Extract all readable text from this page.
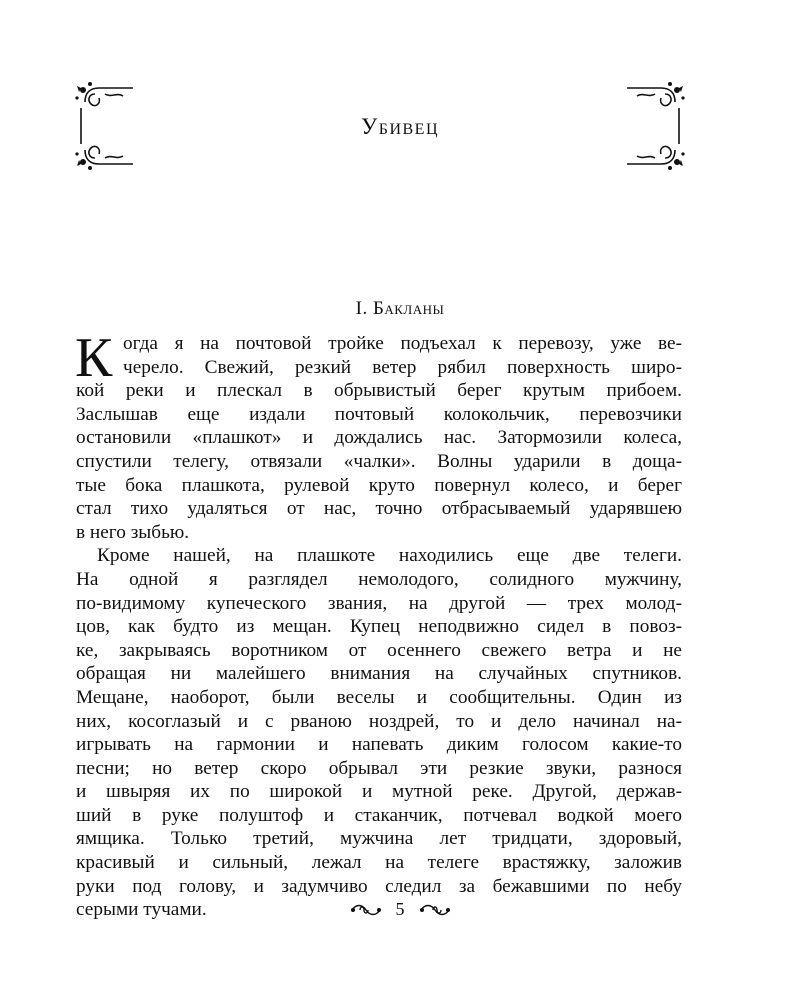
Убивец
I. Бакланы
К огда я на почтовой тройке подъехал к перевозу, уже ве-
черело. Свежий, резкий ветер рябил поверхность широ-
кой реки и плескал в обрывистый берег крутым прибоем.
Заслышав еще издали почтовый колокольчик, перевозчики
остановили «плашкот» и дождались нас. Затормозили колеса,
спустили телегу, отвязали «чалки». Волны ударили в доща-
тые бока плашкота, рулевой круто повернул колесо, и берег
стал тихо удаляться от нас, точно отбрасываемый ударявшею
в него зыбью.
Кроме нашей, на плашкоте находились еще две телеги.
На одной я разглядел немолодого, солидного мужчину,
по-видимому купеческого звания, на другой — трех молод-
цов, как будто из мещан. Купец неподвижно сидел в повоз-
ке, закрываясь воротником от осеннего свежего ветра и не
обращая ни малейшего внимания на случайных спутников.
Мещане, наоборот, были веселы и сообщительны. Один из
них, косоглазый и с рваною ноздрей, то и дело начинал на-
игрывать на гармонии и напевать диким голосом какие-то
песни; но ветер скоро обрывал эти резкие звуки, разнося
и швыряя их по широкой и мутной реке. Другой, держав-
ший в руке полуштоф и стаканчик, потчевал водкой моего
ямщика. Только третий, мужчина лет тридцати, здоровый,
красивый и сильный, лежал на телеге врастяжку, заложив
руки под голову, и задумчиво следил за бежавшими по небу
серыми тучами.	5
